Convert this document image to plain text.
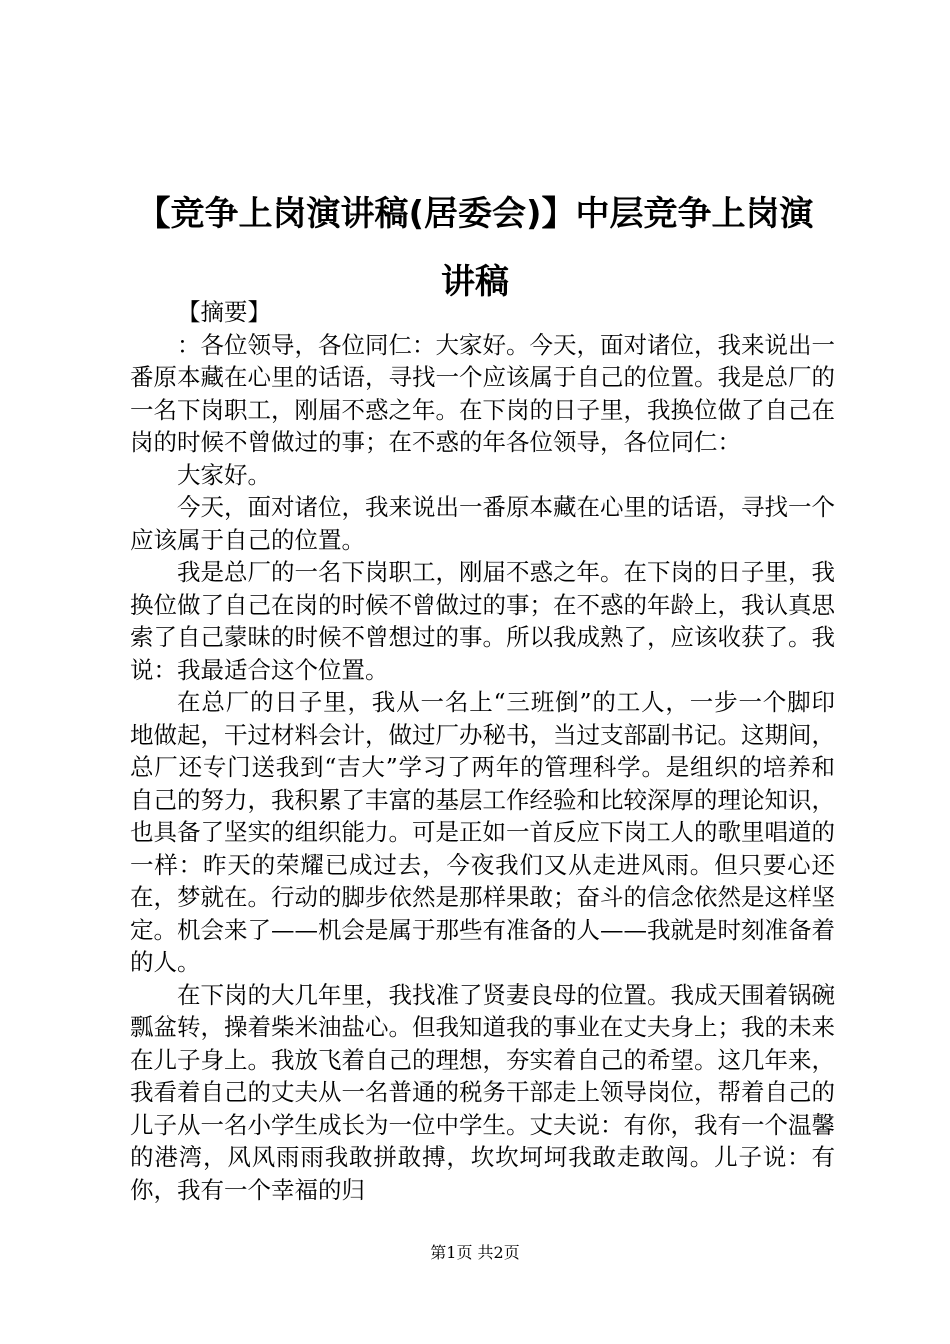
【竞争上岗演讲稿(居委会)】中层竞争上岗演讲稿

【摘要】

：各位领导，各位同仁：大家好。今天，面对诸位，我来说出一番原本藏在心里的话语，寻找一个应该属于自己的位置。我是总厂的一名下岗职工，刚届不惑之年。在下岗的日子里，我换位做了自己在岗的时候不曾做过的事；在不惑的年各位领导，各位同仁：

大家好。

今天，面对诸位，我来说出一番原本藏在心里的话语，寻找一个应该属于自己的位置。

我是总厂的一名下岗职工，刚届不惑之年。在下岗的日子里，我换位做了自己在岗的时候不曾做过的事；在不惑的年龄上，我认真思索了自己蒙昧的时候不曾想过的事。所以我成熟了，应该收获了。我说：我最适合这个位置。

在总厂的日子里，我从一名上“三班倒”的工人，一步一个脚印地做起，干过材料会计，做过厂办秘书，当过支部副书记。这期间，总厂还专门送我到“吉大”学习了两年的管理科学。是组织的培养和自己的努力，我积累了丰富的基层工作经验和比较深厚的理论知识，也具备了坚实的组织能力。可是正如一首反应下岗工人的歌里唱道的一样：昨天的荣耀已成过去，今夜我们又从走进风雨。但只要心还在，梦就在。行动的脚步依然是那样果敢；奋斗的信念依然是这样坚定。机会来了——机会是属于那些有准备的人——我就是时刻准备着的人。

在下岗的大几年里，我找准了贤妻良母的位置。我成天围着锅碗瓢盆转，操着柴米油盐心。但我知道我的事业在丈夫身上；我的未来在儿子身上。我放飞着自己的理想，夯实着自己的希望。这几年来，我看着自己的丈夫从一名普通的税务干部走上领导岗位，帮着自己的儿子从一名小学生成长为一位中学生。丈夫说：有你，我有一个温馨的港湾，风风雨雨我敢拼敢搏，坎坎坷坷我敢走敢闯。儿子说：有你，我有一个幸福的归

第1页 共2页
